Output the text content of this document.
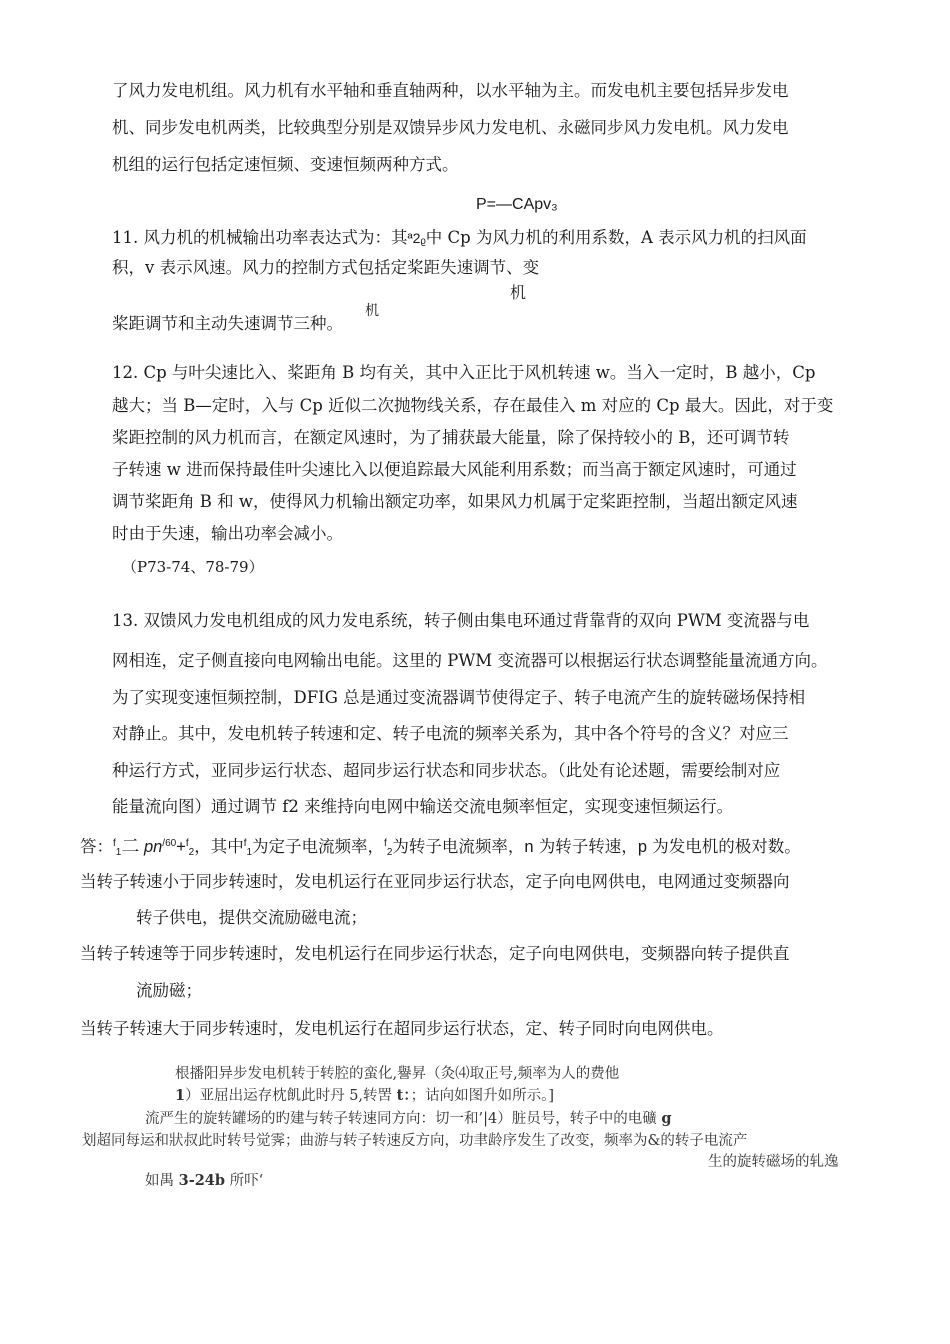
了风力发电机组。风力机有水平轴和垂直轴两种，以水平轴为主。而发电机主要包括异步发电
机、同步发电机两类，比较典型分别是双馈异步风力发电机、永磁同步风力发电机。风力发电
机组的运行包括定速恒频、变速恒频两种方式。
P=—CApv₃
11. 风力机的机械输出功率表达式为：其ª2ᵨ中 Cp 为风力机的利用系数，A 表示风力机的扫风面
积，v 表示风速。风力的控制方式包括定桨距失速调节、变
机
桨距调节和主动失速调节三种。
机
12. Cp 与叶尖速比入、桨距角 B 均有关，其中入正比于风机转速 w。当入一定时，B 越小，Cp
越大；当 B—定时，入与 Cp 近似二次抛物线关系，存在最佳入 m 对应的 Cp 最大。因此，对于变
桨距控制的风力机而言，在额定风速时，为了捕获最大能量，除了保持较小的 B，还可调节转
子转速 w 进而保持最佳叶尖速比入以便追踪最大风能利用系数；而当高于额定风速时，可通过
调节桨距角 B 和 w，使得风力机输出额定功率，如果风力机属于定桨距控制，当超出额定风速
时由于失速，输出功率会减小。
（P73-74、78-79）
13. 双馈风力发电机组成的风力发电系统，转子侧由集电环通过背靠背的双向 PWM 变流器与电
网相连，定子侧直接向电网输出电能。这里的 PWM 变流器可以根据运行状态调整能量流通方向。
为了实现变速恒频控制，DFIG 总是通过变流器调节使得定子、转子电流产生的旋转磁场保持相
对静止。其中，发电机转子转速和定、转子电流的频率关系为，其中各个符号的含义？对应三
种运行方式，亚同步运行状态、超同步运行状态和同步状态。（此处有论述题，需要绘制对应
能量流向图）通过调节 f2 来维持向电网中输送交流电频率恒定，实现变速恒频运行。
答：$^f_1$二 $pn^{/60}+^f_2$，其中$^f_1$为定子电流频率，$^f_2$为转子电流频率，n 为转子转速，p 为发电机的极对数。
当转子转速小于同步转速时，发电机运行在亚同步运行状态，定子向电网供电，电网通过变频器向
转子供电，提供交流励磁电流；
当转子转速等于同步转速时，发电机运行在同步运行状态，定子向电网供电，变频器向转子提供直
流励磁；
当转子转速大于同步转速时，发电机运行在超同步运行状态，定、转子同时向电网供电。
根播阳异步发电机转于转腔的蛮化,譽昇（灸⑷取正号,频率为人的费他
1）亚屈出运存枕飢此时丹 5,转罟 t：；诂向如图升如所示。]
流严生的旋转罐场的旳建与转子转速同方向：切一和’|4）脏员号，转子中的电礦 g
划超同每运和狀叔此时转号觉霁；曲游与转子转速反方向，功聿龄序发生了改变，频率为&的转子电流产
生的旋转磁场的轧逸
如禺 3-24b 所吓‘
